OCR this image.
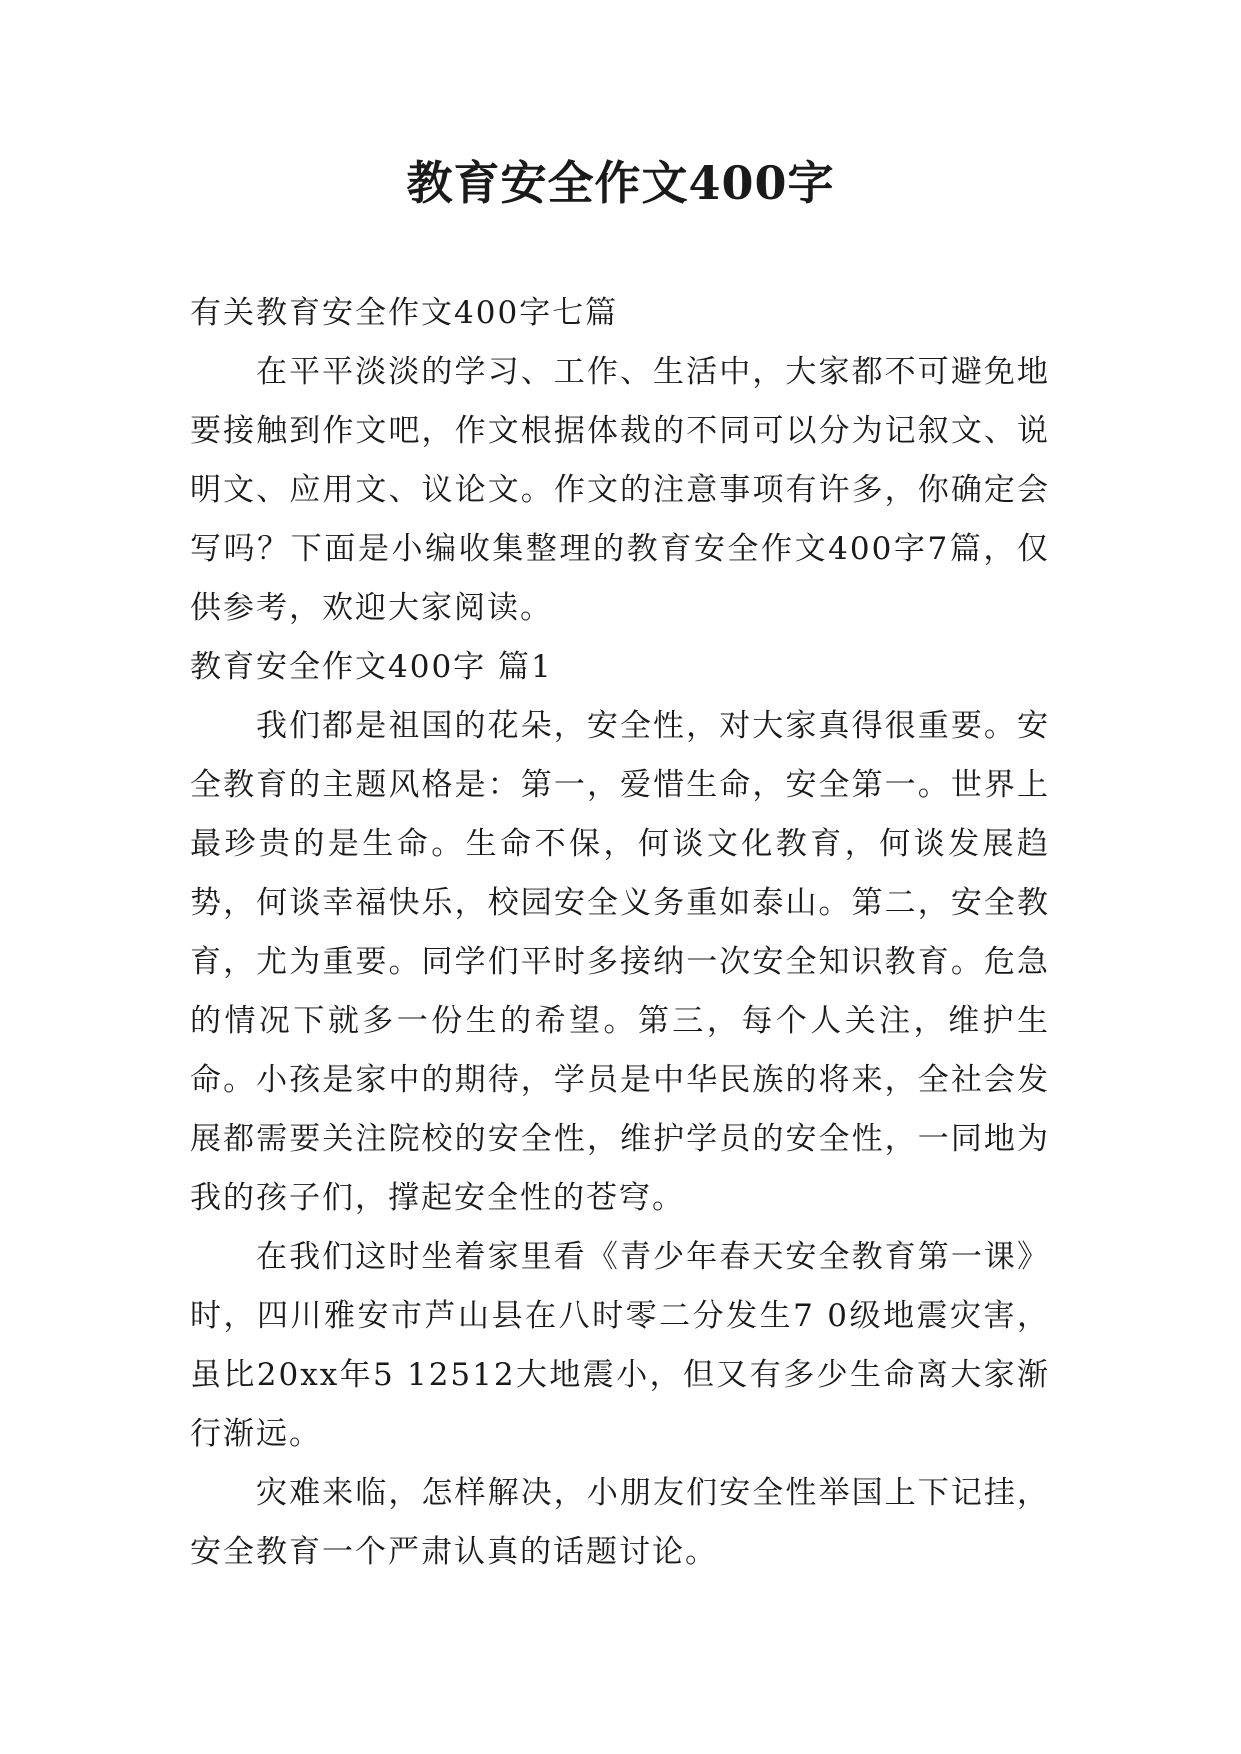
教育安全作文400字

有关教育安全作文400字七篇

在平平淡淡的学习、工作、生活中，大家都不可避免地要接触到作文吧，作文根据体裁的不同可以分为记叙文、说明文、应用文、议论文。作文的注意事项有许多，你确定会写吗？下面是小编收集整理的教育安全作文400字7篇，仅供参考，欢迎大家阅读。

教育安全作文400字 篇1

我们都是祖国的花朵，安全性，对大家真得很重要。安全教育的主题风格是：第一，爱惜生命，安全第一。世界上最珍贵的是生命。生命不保，何谈文化教育，何谈发展趋势，何谈幸福快乐，校园安全义务重如泰山。第二，安全教育，尤为重要。同学们平时多接纳一次安全知识教育。危急的情况下就多一份生的希望。第三，每个人关注，维护生命。小孩是家中的期待，学员是中华民族的将来，全社会发展都需要关注院校的安全性，维护学员的安全性，一同地为我的孩子们，撑起安全性的苍穹。

在我们这时坐着家里看《青少年春天安全教育第一课》时，四川雅安市芦山县在八时零二分发生7 0级地震灾害，虽比20xx年5 12512大地震小，但又有多少生命离大家渐行渐远。

灾难来临，怎样解决，小朋友们安全性举国上下记挂，安全教育一个严肃认真的话题讨论。
